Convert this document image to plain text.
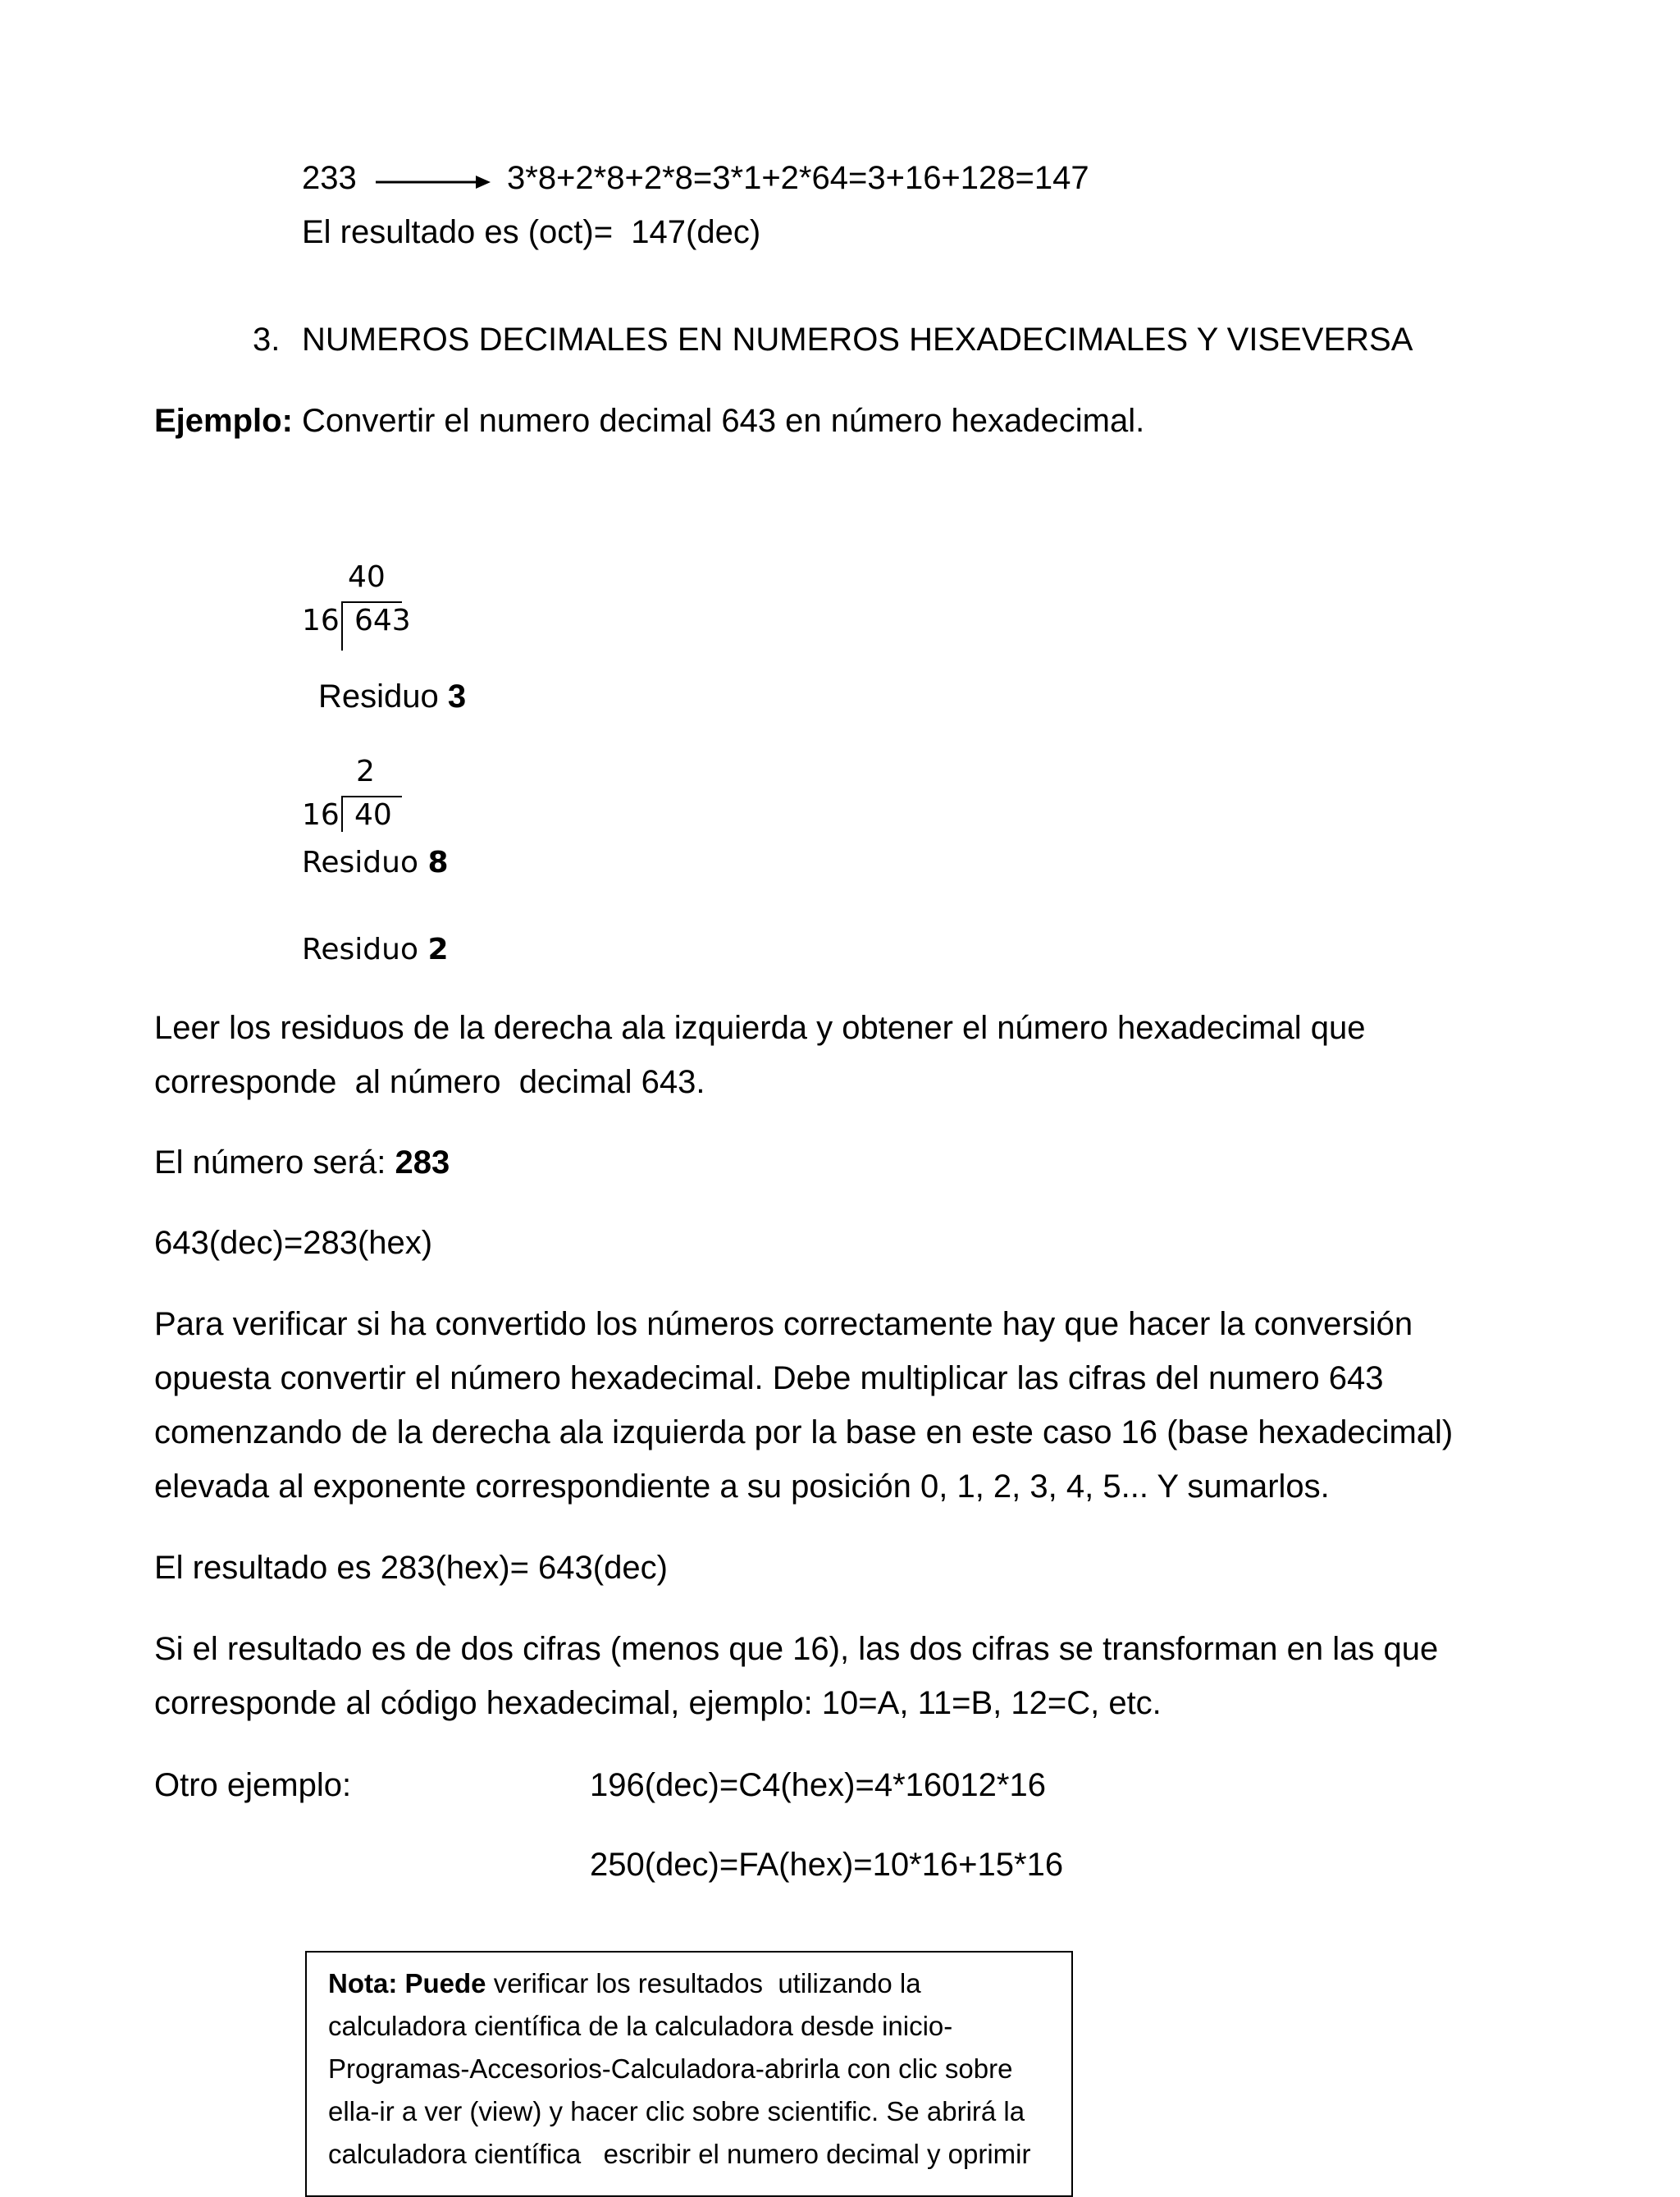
233	3*8+2*8+2*8=3*1+2*64=3+16+128=147
El resultado es (oct)=  147(dec)
3. NUMEROS DECIMALES EN NUMEROS HEXADECIMALES Y VISEVERSA
Ejemplo: Convertir el numero decimal 643 en número hexadecimal.
40
16 643
Residuo 3
2
16 40
Residuo 8
Residuo 2
Leer los residuos de la derecha ala izquierda y obtener el número hexadecimal que
corresponde  al número  decimal 643.
El número será: 283
643(dec)=283(hex)
Para verificar si ha convertido los números correctamente hay que hacer la conversión
opuesta convertir el número hexadecimal. Debe multiplicar las cifras del numero 643
comenzando de la derecha ala izquierda por la base en este caso 16 (base hexadecimal)
elevada al exponente correspondiente a su posición 0, 1, 2, 3, 4, 5... Y sumarlos.
El resultado es 283(hex)= 643(dec)
Si el resultado es de dos cifras (menos que 16), las dos cifras se transforman en las que
corresponde al código hexadecimal, ejemplo: 10=A, 11=B, 12=C, etc.
Otro ejemplo:	196(dec)=C4(hex)=4*16012*16
250(dec)=FA(hex)=10*16+15*16
Nota: Puede verificar los resultados  utilizando la
calculadora científica de la calculadora desde inicio-
Programas-Accesorios-Calculadora-abrirla con clic sobre
ella-ir a ver (view) y hacer clic sobre scientific. Se abrirá la
calculadora científica   escribir el numero decimal y oprimir
